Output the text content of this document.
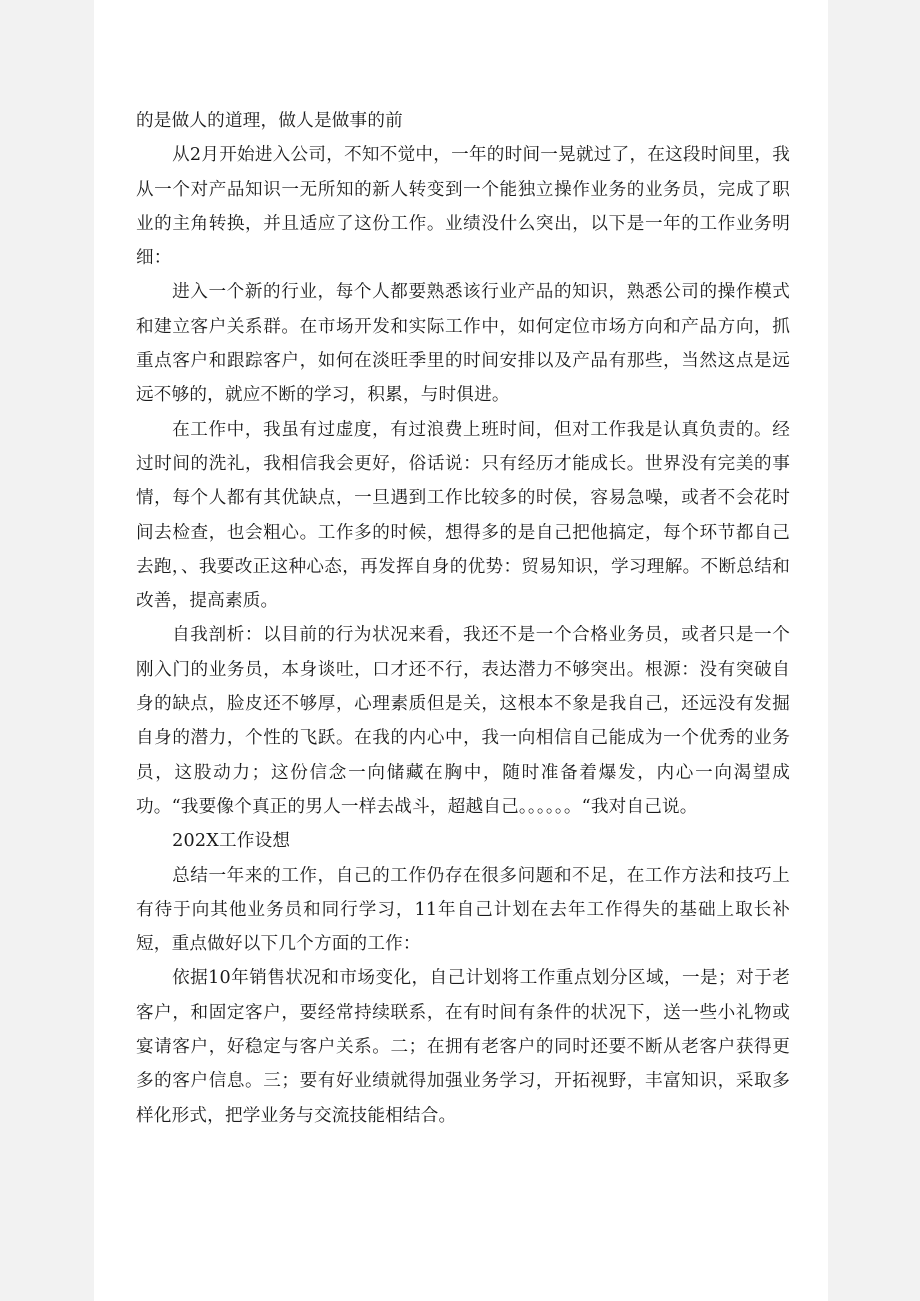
的是做人的道理，做人是做事的前

从2月开始进入公司，不知不觉中，一年的时间一晃就过了，在这段时间里，我从一个对产品知识一无所知的新人转变到一个能独立操作业务的业务员，完成了职业的主角转换，并且适应了这份工作。业绩没什么突出，以下是一年的工作业务明细：

进入一个新的行业，每个人都要熟悉该行业产品的知识，熟悉公司的操作模式和建立客户关系群。在市场开发和实际工作中，如何定位市场方向和产品方向，抓重点客户和跟踪客户，如何在淡旺季里的时间安排以及产品有那些，当然这点是远远不够的，就应不断的学习，积累，与时俱进。

在工作中，我虽有过虚度，有过浪费上班时间，但对工作我是认真负责的。经过时间的洗礼，我相信我会更好，俗话说：只有经历才能成长。世界没有完美的事情，每个人都有其优缺点，一旦遇到工作比较多的时侯，容易急噪，或者不会花时间去检查，也会粗心。工作多的时候，想得多的是自己把他搞定，每个环节都自己去跑，、我要改正这种心态，再发挥自身的优势：贸易知识，学习理解。不断总结和改善，提高素质。

自我剖析：以目前的行为状况来看，我还不是一个合格业务员，或者只是一个刚入门的业务员，本身谈吐，口才还不行，表达潜力不够突出。根源：没有突破自身的缺点，脸皮还不够厚，心理素质但是关，这根本不象是我自己，还远没有发掘自身的潜力，个性的飞跃。在我的内心中，我一向相信自己能成为一个优秀的业务员，这股动力；这份信念一向储藏在胸中，随时准备着爆发，内心一向渴望成功。“我要像个真正的男人一样去战斗，超越自己。。。。。。“我对自己说。

202X工作设想

总结一年来的工作，自己的工作仍存在很多问题和不足，在工作方法和技巧上有待于向其他业务员和同行学习，11年自己计划在去年工作得失的基础上取长补短，重点做好以下几个方面的工作：

依据10年销售状况和市场变化，自己计划将工作重点划分区域，一是；对于老客户，和固定客户，要经常持续联系，在有时间有条件的状况下，送一些小礼物或宴请客户，好稳定与客户关系。二；在拥有老客户的同时还要不断从老客户获得更多的客户信息。三；要有好业绩就得加强业务学习，开拓视野，丰富知识，采取多样化形式，把学业务与交流技能相结合。
